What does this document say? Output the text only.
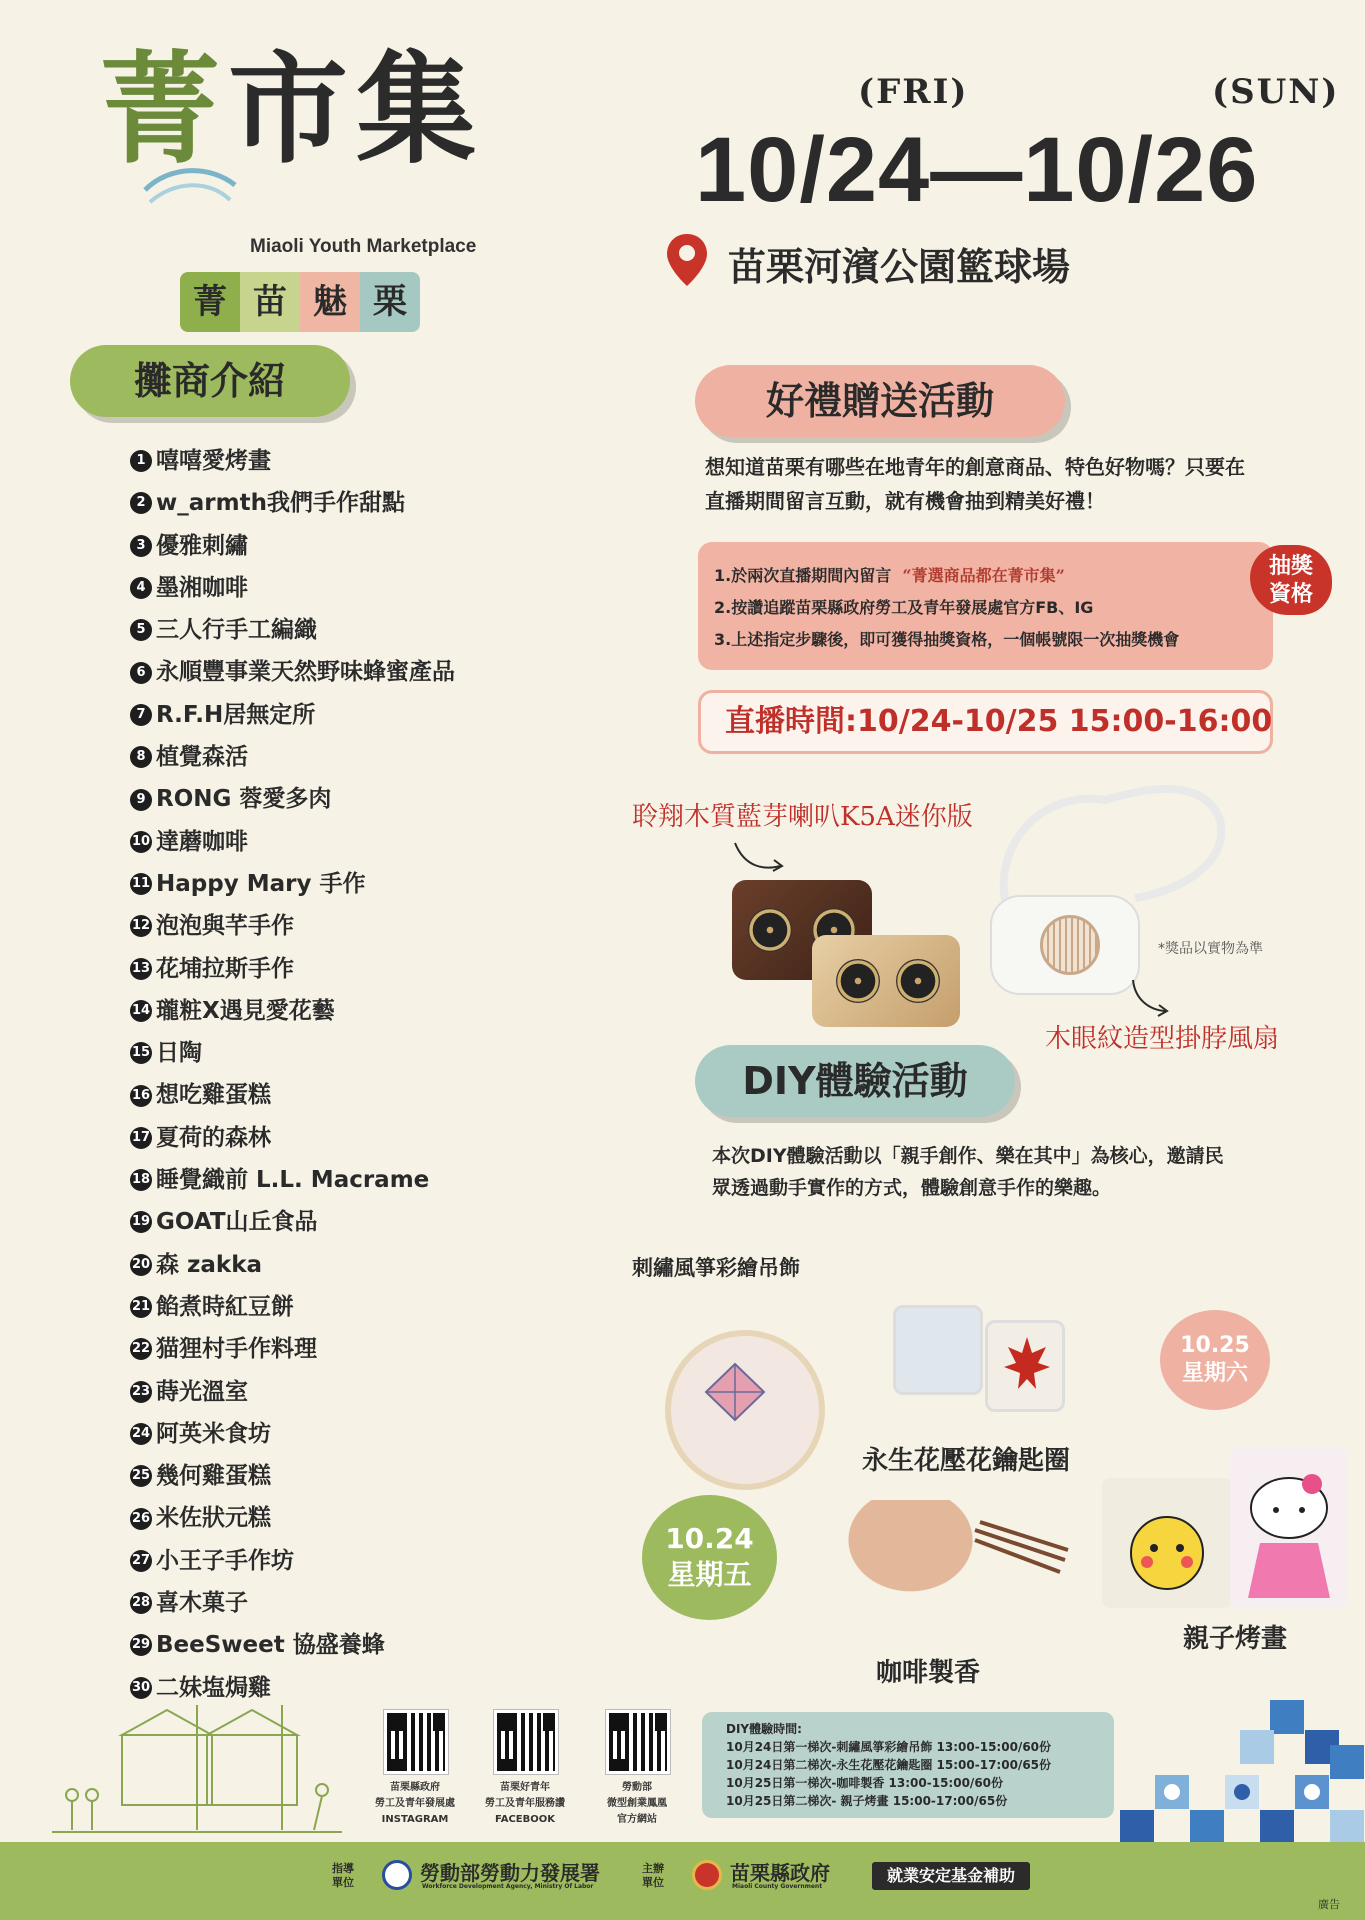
菁市集
Miaoli Youth Marketplace
菁 苗 魅 栗
(FRI)	(SUN)
10/24—10/26
苗栗河濱公園籃球場
攤商介紹
1 嘻嘻愛烤畫
2 w_armth我們手作甜點
3 優雅刺繡
4 墨湘咖啡
5 三人行手工編織
6 永順豐事業天然野味蜂蜜產品
7 R.F.H居無定所
8 植覺森活
9 RONG 蓉愛多肉
10 達蘑咖啡
11 Happy Mary 手作
12 泡泡與芊手作
13 花埔拉斯手作
14 瓏粧X遇見愛花藝
15 日陶
16 想吃雞蛋糕
17 夏荷的森林
18 睡覺織前 L.L. Macrame
19 GOAT山丘食品
20 森 zakka
21 餡煮時紅豆餅
22 猫狸村手作料理
23 蒔光溫室
24 阿英米食坊
25 幾何雞蛋糕
26 米佐狀元糕
27 小王子手作坊
28 喜木菓子
29 BeeSweet 協盛養蜂
30 二妹塩焗雞
好禮贈送活動
想知道苗栗有哪些在地青年的創意商品、特色好物嗎？只要在
直播期間留言互動，就有機會抽到精美好禮！
1.於兩次直播期間內留言 “菁選商品都在菁市集”
2.按讚追蹤苗栗縣政府勞工及青年發展處官方FB、IG
3.上述指定步驟後，即可獲得抽獎資格，一個帳號限一次抽獎機會
抽獎
資格
直播時間:10/24-10/25 15:00-16:00
聆翔木質藍芽喇叭K5A迷你版
*獎品以實物為準
木眼紋造型掛脖風扇
DIY體驗活動
本次DIY體驗活動以「親手創作、樂在其中」為核心，邀請民
眾透過動手實作的方式，體驗創意手作的樂趣。
刺繡風箏彩繪吊飾
永生花壓花鑰匙圈
10.25
星期六
10.24
星期五
咖啡製香
親子烤畫
苗栗縣政府
勞工及青年發展處
INSTAGRAM
苗栗好青年
勞工及青年服務讚
FACEBOOK
勞動部
微型創業鳳凰
官方網站
DIY體驗時間:
10月24日第一梯次-刺繡風箏彩繪吊飾 13:00-15:00/60份
10月24日第二梯次-永生花壓花鑰匙圈 15:00-17:00/65份
10月25日第一梯次-咖啡製香 13:00-15:00/60份
10月25日第二梯次- 親子烤畫 15:00-17:00/65份
指導單位	勞動部勞動力發展署
Workforce Development Agency, Ministry Of Labor
主辦單位	苗栗縣政府
Miaoli County Government
就業安定基金補助
廣告
